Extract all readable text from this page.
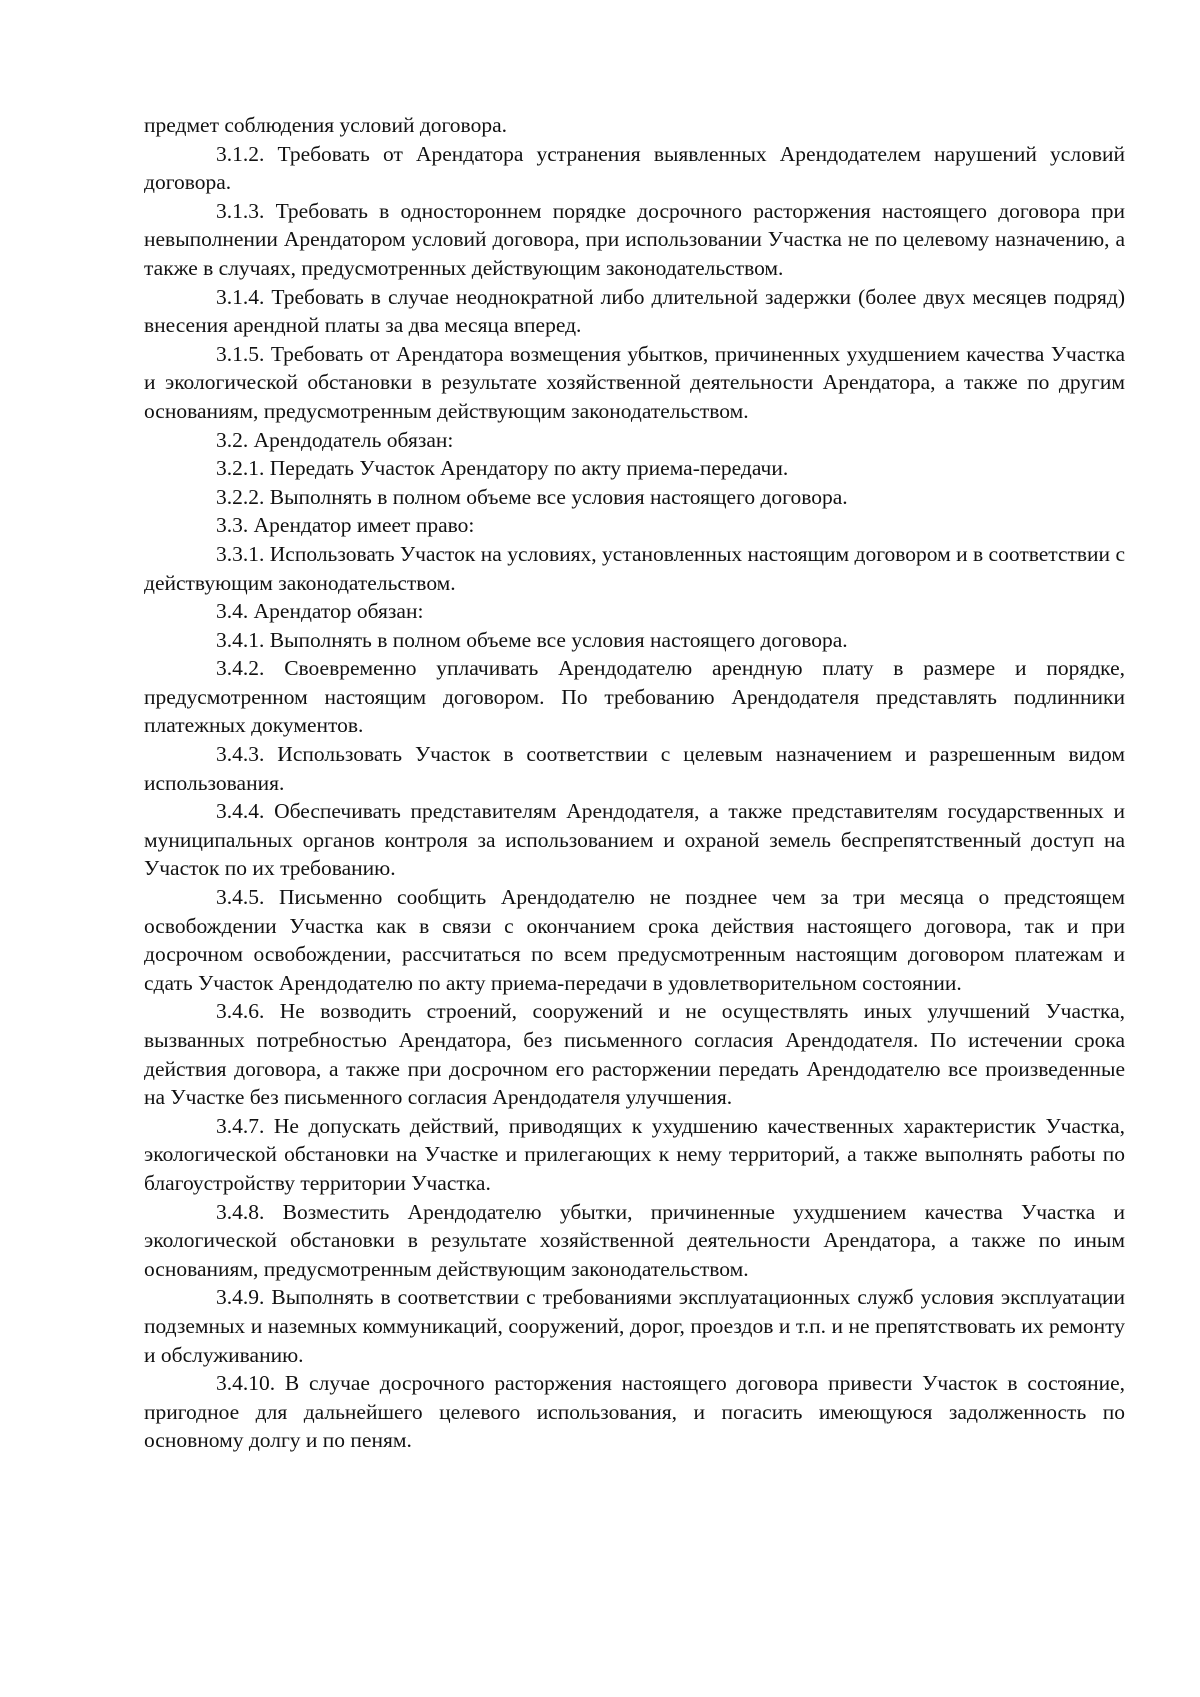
предмет соблюдения условий договора.

3.1.2. Требовать от Арендатора устранения выявленных Арендодателем нарушений условий договора.

3.1.3. Требовать в одностороннем порядке досрочного расторжения настоящего договора при невыполнении Арендатором условий договора, при использовании Участка не по целевому назначению, а также в случаях, предусмотренных действующим законодательством.

3.1.4. Требовать в случае неоднократной либо длительной задержки (более двух месяцев подряд) внесения арендной платы за два месяца вперед.

3.1.5. Требовать от Арендатора возмещения убытков, причиненных ухудшением качества Участка и экологической обстановки в результате хозяйственной деятельности Арендатора, а также по другим основаниям, предусмотренным действующим законодательством.

3.2. Арендодатель обязан:

3.2.1. Передать Участок Арендатору по акту приема-передачи.

3.2.2. Выполнять в полном объеме все условия настоящего договора.

3.3. Арендатор имеет право:

3.3.1. Использовать Участок на условиях, установленных настоящим договором и в соответствии с действующим законодательством.

3.4. Арендатор обязан:

3.4.1. Выполнять в полном объеме все условия настоящего договора.

3.4.2. Своевременно уплачивать Арендодателю арендную плату в размере и порядке, предусмотренном настоящим договором. По требованию Арендодателя представлять подлинники платежных документов.

3.4.3. Использовать Участок в соответствии с целевым назначением и разрешенным видом использования.

3.4.4. Обеспечивать представителям Арендодателя, а также представителям государственных и муниципальных органов контроля за использованием и охраной земель беспрепятственный доступ на Участок по их требованию.

3.4.5. Письменно сообщить Арендодателю не позднее чем за три месяца о предстоящем освобождении Участка как в связи с окончанием срока действия настоящего договора, так и при досрочном освобождении, рассчитаться по всем предусмотренным настоящим договором платежам и сдать Участок Арендодателю по акту приема-передачи в удовлетворительном состоянии.

3.4.6. Не возводить строений, сооружений и не осуществлять иных улучшений Участка, вызванных потребностью Арендатора, без письменного согласия Арендодателя. По истечении срока действия договора, а также при досрочном его расторжении передать Арендодателю все произведенные на Участке без письменного согласия Арендодателя улучшения.

3.4.7. Не допускать действий, приводящих к ухудшению качественных характеристик Участка, экологической обстановки на Участке и прилегающих к нему территорий, а также выполнять работы по благоустройству территории Участка.

3.4.8. Возместить Арендодателю убытки, причиненные ухудшением качества Участка и экологической обстановки в результате хозяйственной деятельности Арендатора, а также по иным основаниям, предусмотренным действующим законодательством.

3.4.9. Выполнять в соответствии с требованиями эксплуатационных служб условия эксплуатации подземных и наземных коммуникаций, сооружений, дорог, проездов и т.п. и не препятствовать их ремонту и обслуживанию.

3.4.10. В случае досрочного расторжения настоящего договора привести Участок в состояние, пригодное для дальнейшего целевого использования, и погасить имеющуюся задолженность по основному долгу и по пеням.
